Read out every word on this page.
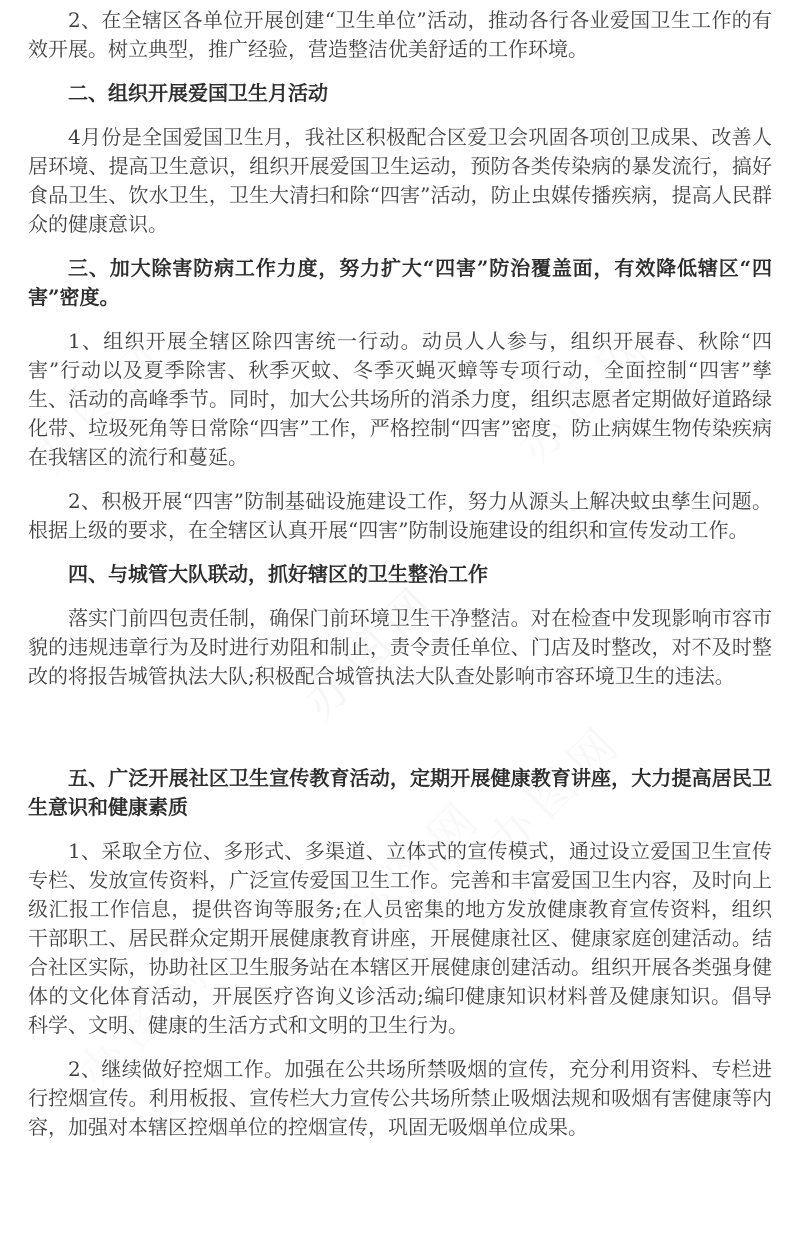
办图网
办图网
2、在全辖区各单位开展创建“卫生单位”活动，推动各行各业爱国卫生工作的有效开展。树立典型，推广经验，营造整洁优美舒适的工作环境。
二、组织开展爱国卫生月活动
4月份是全国爱国卫生月，我社区积极配合区爱卫会巩固各项创卫成果、改善人居环境、提高卫生意识，组织开展爱国卫生运动，预防各类传染病的暴发流行，搞好食品卫生、饮水卫生，卫生大清扫和除“四害”活动，防止虫媒传播疾病，提高人民群众的健康意识。
三、加大除害防病工作力度，努力扩大“四害”防治覆盖面，有效降低辖区“四害”密度。
1、组织开展全辖区除四害统一行动。动员人人参与，组织开展春、秋除“四害”行动以及夏季除害、秋季灭蚊、冬季灭蝇灭蟑等专项行动，全面控制“四害”孳生、活动的高峰季节。同时，加大公共场所的消杀力度，组织志愿者定期做好道路绿化带、垃圾死角等日常除“四害”工作，严格控制“四害”密度，防止病媒生物传染疾病在我辖区的流行和蔓延。
2、积极开展“四害”防制基础设施建设工作，努力从源头上解决蚊虫孳生问题。根据上级的要求，在全辖区认真开展“四害”防制设施建设的组织和宣传发动工作。
四、与城管大队联动，抓好辖区的卫生整治工作
落实门前四包责任制，确保门前环境卫生干净整洁。对在检查中发现影响市容市貌的违规违章行为及时进行劝阻和制止，责令责任单位、门店及时整改，对不及时整改的将报告城管执法大队;积极配合城管执法大队查处影响市容环境卫生的违法。
五、广泛开展社区卫生宣传教育活动，定期开展健康教育讲座，大力提高居民卫生意识和健康素质
1、采取全方位、多形式、多渠道、立体式的宣传模式，通过设立爱国卫生宣传专栏、发放宣传资料，广泛宣传爱国卫生工作。完善和丰富爱国卫生内容，及时向上级汇报工作信息，提供咨询等服务;在人员密集的地方发放健康教育宣传资料，组织干部职工、居民群众定期开展健康教育讲座，开展健康社区、健康家庭创建活动。结合社区实际，协助社区卫生服务站在本辖区开展健康创建活动。组织开展各类强身健体的文化体育活动，开展医疗咨询义诊活动;编印健康知识材料普及健康知识。倡导科学、文明、健康的生活方式和文明的卫生行为。
2、继续做好控烟工作。加强在公共场所禁吸烟的宣传，充分利用资料、专栏进行控烟宣传。利用板报、宣传栏大力宣传公共场所禁止吸烟法规和吸烟有害健康等内容，加强对本辖区控烟单位的控烟宣传，巩固无吸烟单位成果。
